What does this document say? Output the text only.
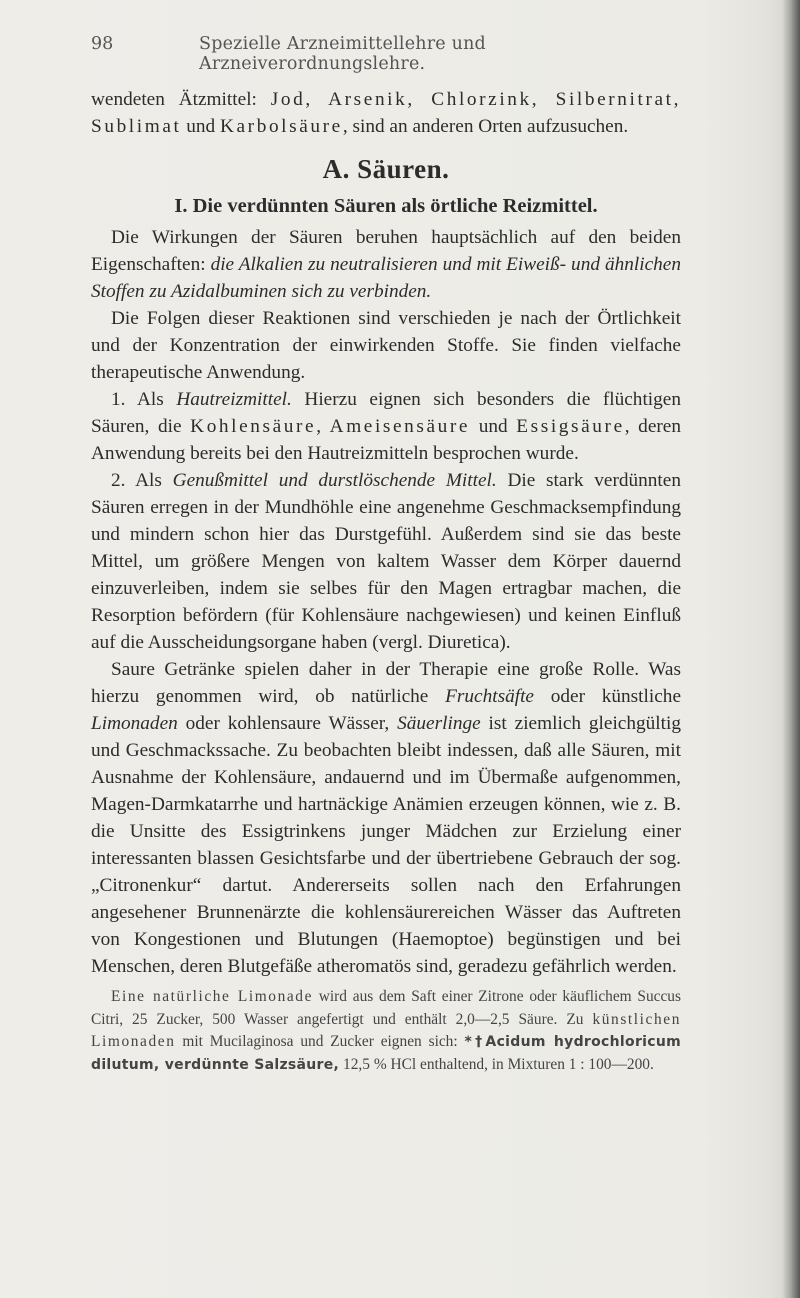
98	Spezielle Arzneimittellehre und Arzneiverordnungslehre.

wendeten Ätzmittel: Jod, Arsenik, Chlorzink, Silbernitrat, Sublimat und Karbolsäure, sind an anderen Orten aufzusuchen.

A. Säuren.

I. Die verdünnten Säuren als örtliche Reizmittel.

Die Wirkungen der Säuren beruhen hauptsächlich auf den beiden Eigenschaften: die Alkalien zu neutralisieren und mit Eiweiß- und ähnlichen Stoffen zu Azidalbuminen sich zu verbinden.

Die Folgen dieser Reaktionen sind verschieden je nach der Örtlichkeit und der Konzentration der einwirkenden Stoffe. Sie finden vielfache therapeutische Anwendung.

1. Als Hautreizmittel. Hierzu eignen sich besonders die flüchtigen Säuren, die Kohlensäure, Ameisensäure und Essigsäure, deren Anwendung bereits bei den Hautreizmitteln besprochen wurde.

2. Als Genußmittel und durstlöschende Mittel. Die stark verdünnten Säuren erregen in der Mundhöhle eine angenehme Geschmacksempfindung und mindern schon hier das Durstgefühl. Außerdem sind sie das beste Mittel, um größere Mengen von kaltem Wasser dem Körper dauernd einzuverleiben, indem sie selbes für den Magen ertragbar machen, die Resorption befördern (für Kohlensäure nachgewiesen) und keinen Einfluß auf die Ausscheidungsorgane haben (vergl. Diuretica).

Saure Getränke spielen daher in der Therapie eine große Rolle. Was hierzu genommen wird, ob natürliche Fruchtsäfte oder künstliche Limonaden oder kohlensaure Wässer, Säuerlinge ist ziemlich gleichgültig und Geschmackssache. Zu beobachten bleibt indessen, daß alle Säuren, mit Ausnahme der Kohlensäure, andauernd und im Übermaße aufgenommen, Magen-Darmkatarrhe und hartnäckige Anämien erzeugen können, wie z. B. die Unsitte des Essigtrinkens junger Mädchen zur Erzielung einer interessanten blassen Gesichtsfarbe und der übertriebene Gebrauch der sog. „Citronenkur“ dartut. Andererseits sollen nach den Erfahrungen angesehener Brunnenärzte die kohlensäurereichen Wässer das Auftreten von Kongestionen und Blutungen (Haemoptoe) begünstigen und bei Menschen, deren Blutgefäße atheromatös sind, geradezu gefährlich werden.

Eine natürliche Limonade wird aus dem Saft einer Zitrone oder käuflichem Succus Citri, 25 Zucker, 500 Wasser angefertigt und enthält 2,0—2,5 Säure. Zu künstlichen Limonaden mit Mucilaginosa und Zucker eignen sich: *†Acidum hydrochloricum dilutum, verdünnte Salzsäure, 12,5 % HCl enthaltend, in Mixturen 1 : 100—200.
